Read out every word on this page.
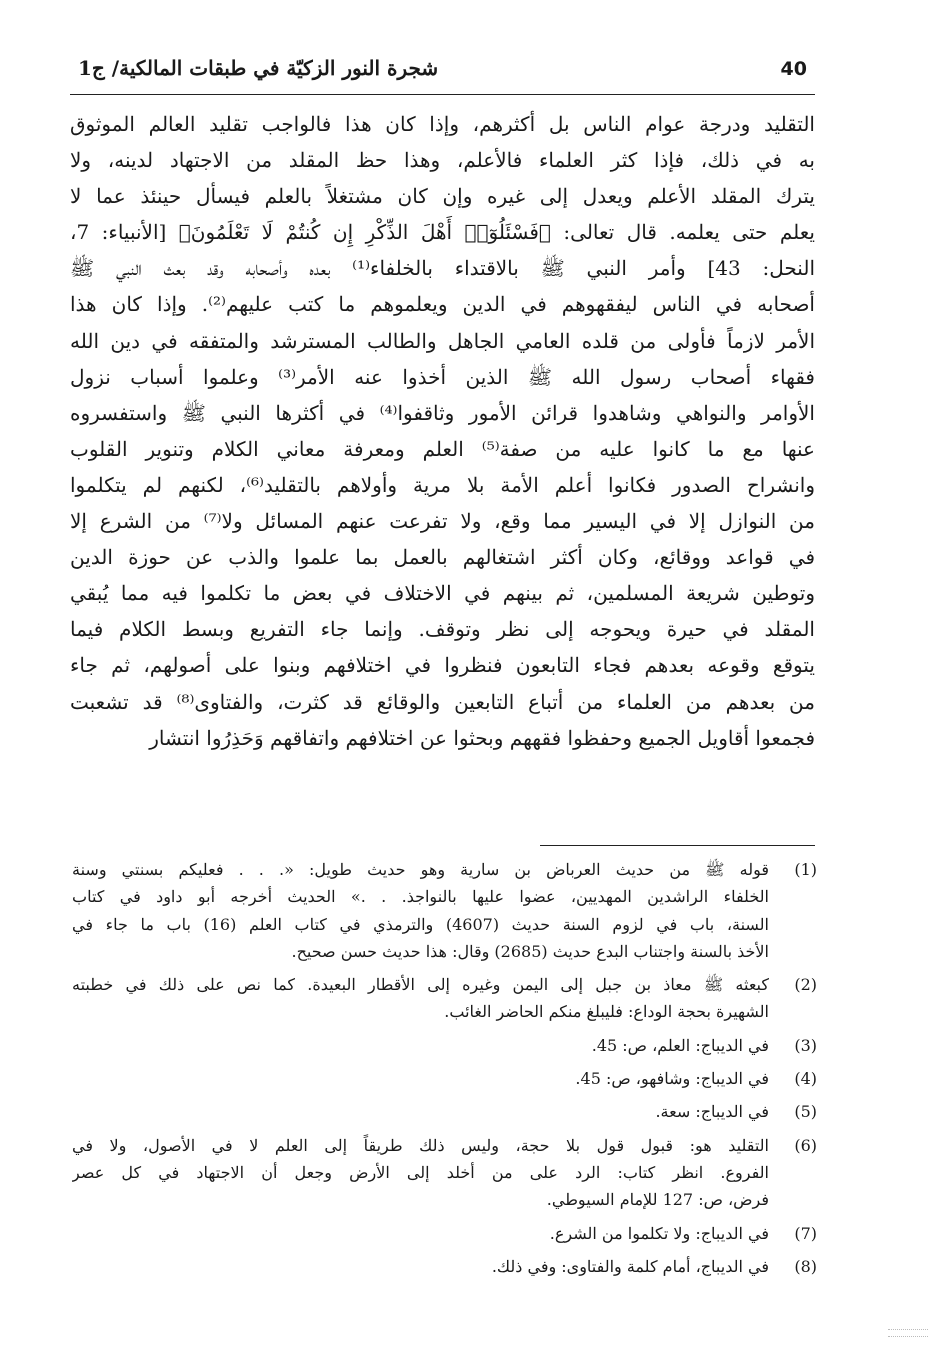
40
شجرة النور الزكيّة في طبقات المالكية/ ج1
التقليد ودرجة عوام الناس بل أكثرهم، وإذا كان هذا فالواجب تقليد العالم الموثوق
به في ذلك، فإذا كثر العلماء فالأعلم، وهذا حظ المقلد من الاجتهاد لدينه، ولا
يترك المقلد الأعلم ويعدل إلى غيره وإن كان مشتغلاً بالعلم فيسأل حينئذ عما لا
يعلم حتى يعلمه. قال تعالى: ﴿فَسْئَلُوٓا۟ أَهْلَ الذِّكْرِ إِن كُنتُمْ لَا تَعْلَمُونَ﴾ [الأنبياء: 7،
النحل: 43] وأمر النبي ﷺ بالاقتداء بالخلفاء⁽¹⁾ بعده وأصحابه وقد بعث النبي ﷺ
أصحابه في الناس ليفقهوهم في الدين ويعلموهم ما كتب عليهم⁽²⁾. وإذا كان هذا
الأمر لازماً فأولى من قلده العامي الجاهل والطالب المسترشد والمتفقه في دين الله
فقهاء أصحاب رسول الله ﷺ الذين أخذوا عنه الأمر⁽³⁾ وعلموا أسباب نزول
الأوامر والنواهي وشاهدوا قرائن الأمور وثاقفوا⁽⁴⁾ في أكثرها النبي ﷺ واستفسروه
عنها مع ما كانوا عليه من صفة⁽⁵⁾ العلم ومعرفة معاني الكلام وتنوير القلوب
وانشراح الصدور فكانوا أعلم الأمة بلا مرية وأولاهم بالتقليد⁽⁶⁾، لكنهم لم يتكلموا
من النوازل إلا في اليسير مما وقع، ولا تفرعت عنهم المسائل ولا⁽⁷⁾ من الشرع إلا
في قواعد ووقائع، وكان أكثر اشتغالهم بالعمل بما علموا والذب عن حوزة الدين
وتوطين شريعة المسلمين، ثم بينهم في الاختلاف في بعض ما تكلموا فيه مما يُبقي
المقلد في حيرة ويحوجه إلى نظر وتوقف. وإنما جاء التفريع وبسط الكلام فيما
يتوقع وقوعه بعدهم فجاء التابعون فنظروا في اختلافهم وبنوا على أصولهم، ثم جاء
من بعدهم من العلماء من أتباع التابعين والوقائع قد كثرت، والفتاوى⁽⁸⁾ قد تشعبت
فجمعوا أقاويل الجميع وحفظوا فقههم وبحثوا عن اختلافهم واتفاقهم وَحَذِرُوا انتشار
(1)
قوله ﷺ من حديث العرباض بن سارية وهو حديث طويل: «. . . فعليكم بسنتي وسنة
الخلفاء الراشدين المهديين، عضوا عليها بالنواجذ. . .» الحديث أخرجه أبو داود في كتاب
السنة، باب في لزوم السنة حديث (4607) والترمذي في كتاب العلم (16) باب ما جاء في
الأخذ بالسنة واجتناب البدع حديث (2685) وقال: هذا حديث حسن صحيح.
(2)
كبعثه ﷺ معاذ بن جبل إلى اليمن وغيره إلى الأقطار البعيدة. كما نص على ذلك في خطبته
الشهيرة بحجة الوداع: فليبلغ منكم الحاضر الغائب.
(3)
في الديباج: العلم، ص: 45.
(4)
في الديباج: وشافهو، ص: 45.
(5)
في الديباج: سعة.
(6)
التقليد هو: قبول قول بلا حجة، وليس ذلك طريقاً إلى العلم لا في الأصول، ولا في
الفروع. انظر كتاب: الرد على من أخلد إلى الأرض وجعل أن الاجتهاد في كل عصر
فرض، ص: 127 للإمام السيوطي.
(7)
في الديباج: ولا تكلموا من الشرع.
(8)
في الديباج، أمام كلمة والفتاوى: وفي ذلك.
